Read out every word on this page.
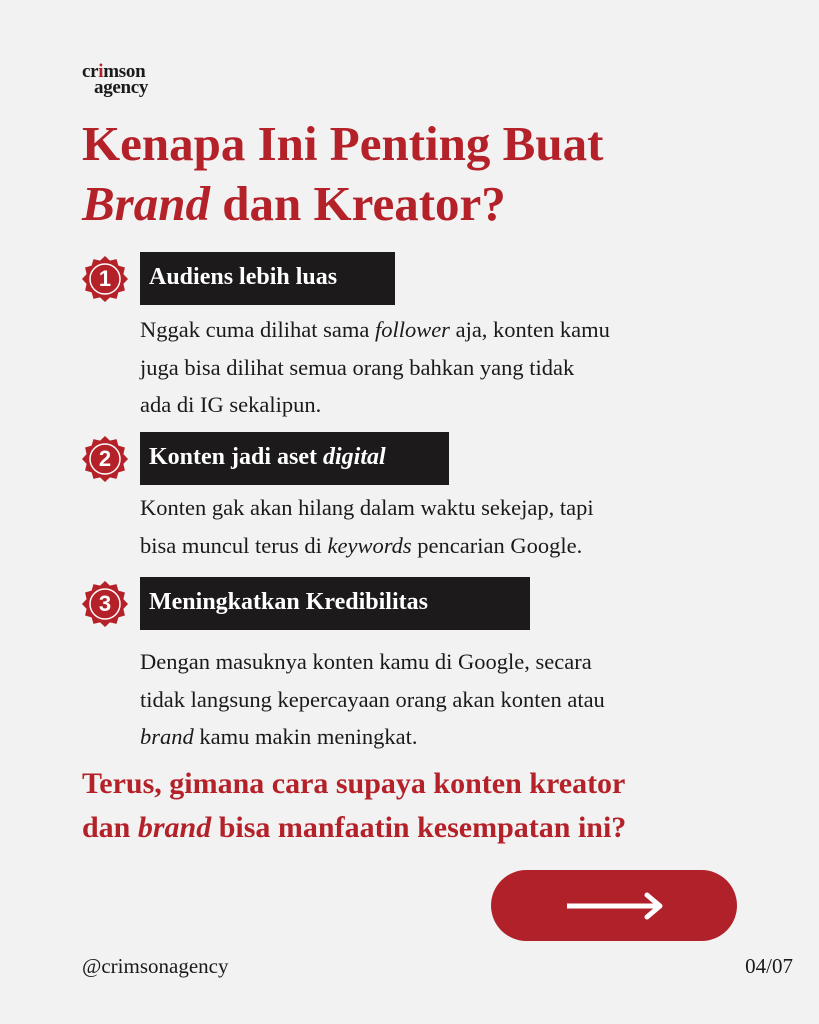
crimson
agency
Kenapa Ini Penting Buat
Brand dan Kreator?
1	Audiens lebih luas
Nggak cuma dilihat sama follower aja, konten kamu
juga bisa dilihat semua orang bahkan yang tidak
ada di IG sekalipun.
2	Konten jadi aset digital
Konten gak akan hilang dalam waktu sekejap, tapi
bisa muncul terus di keywords pencarian Google.
3	Meningkatkan Kredibilitas
Dengan masuknya konten kamu di Google, secara
tidak langsung kepercayaan orang akan konten atau
brand kamu makin meningkat.
Terus, gimana cara supaya konten kreator
dan brand bisa manfaatin kesempatan ini?
@crimsonagency	04/07
